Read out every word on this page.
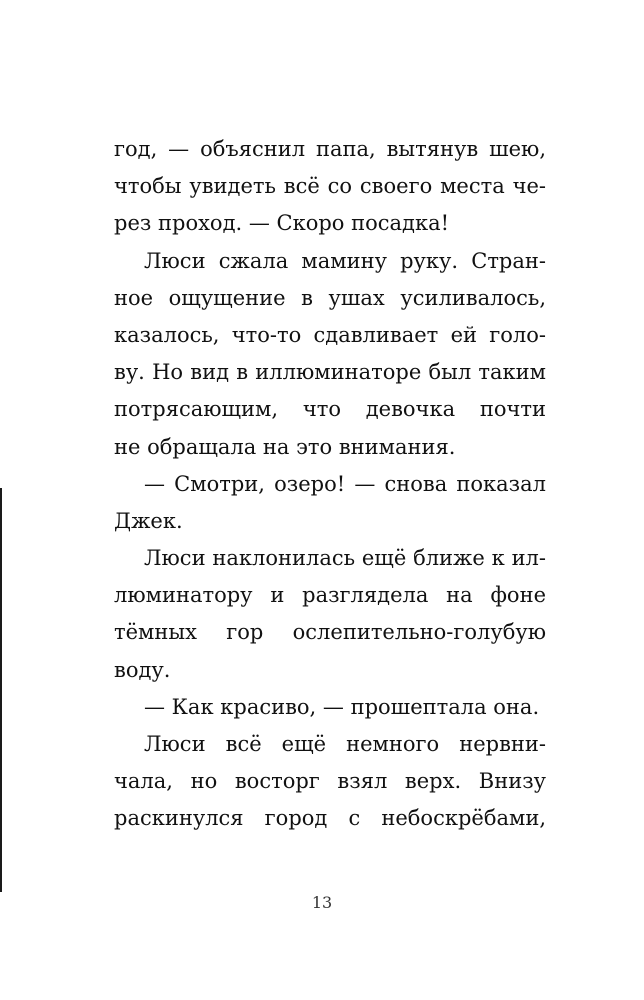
год, — объяснил папа, вытянув шею,
чтобы увидеть всё со своего места че-
рез проход. — Скоро посадка!
Люси сжала мамину руку. Стран-
ное ощущение в ушах усиливалось,
казалось, что-то сдавливает ей голо-
ву. Но вид в иллюминаторе был таким
потрясающим, что девочка почти
не обращала на это внимания.
— Смотри, озеро! — снова показал
Джек.
Люси наклонилась ещё ближе к ил-
люминатору и разглядела на фоне
тёмных гор ослепительно-голубую
воду.
— Как красиво, — прошептала она.
Люси всё ещё немного нервни-
чала, но восторг взял верх. Внизу
раскинулся город с небоскрёбами,
13
